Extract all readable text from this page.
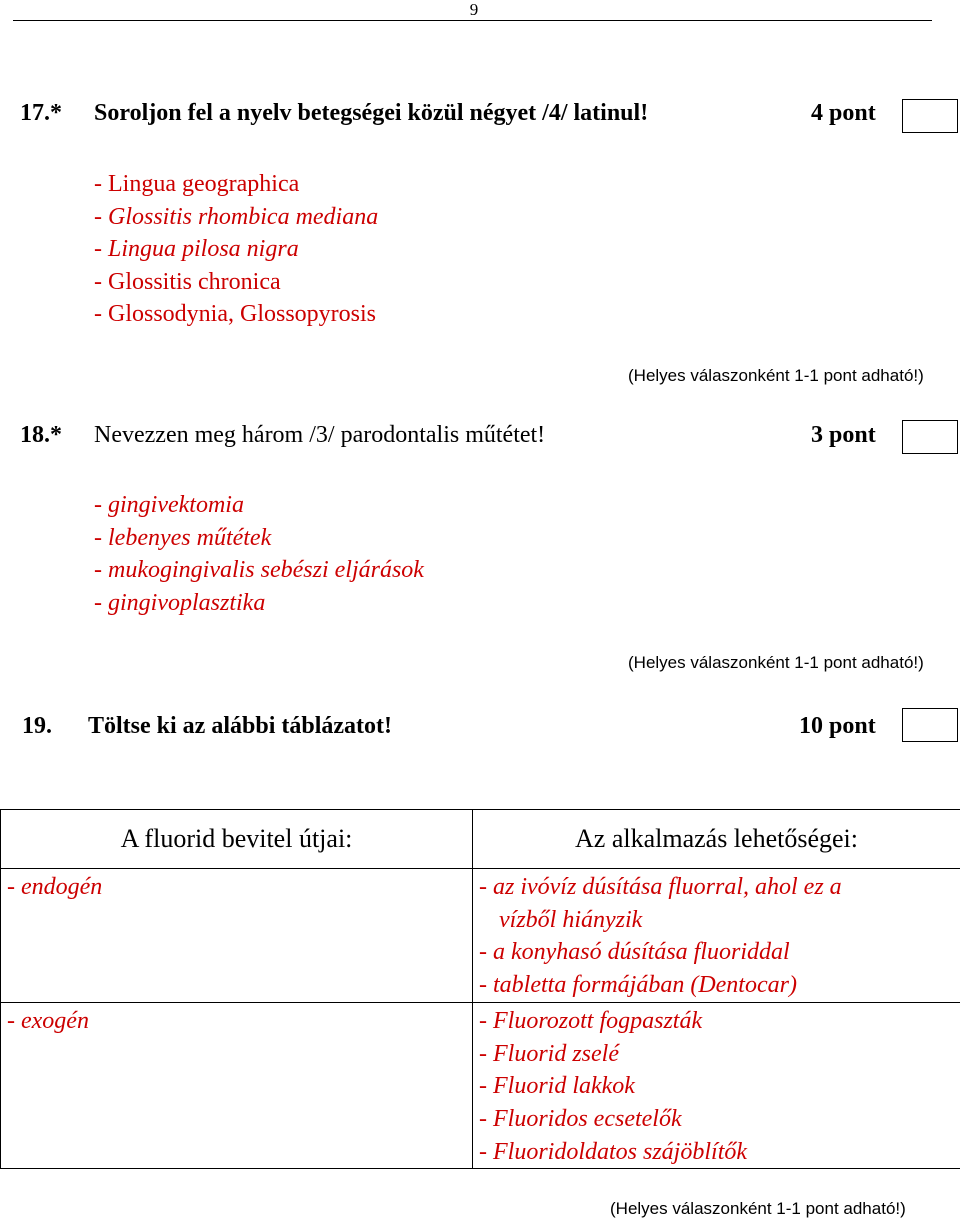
9
17.* Soroljon fel a nyelv betegségei közül négyet /4/ latinul!	4 pont
- Lingua geographica
- Glossitis rhombica mediana
- Lingua pilosa nigra
- Glossitis chronica
- Glossodynia, Glossopyrosis
(Helyes válaszonként 1-1 pont adható!)
18.* Nevezzen meg három /3/ parodontalis műtétet!	3 pont
- gingivektomia
- lebenyes műtétek
- mukogingivalis sebészi eljárások
- gingivoplasztika
(Helyes válaszonként 1-1 pont adható!)
19. Töltse ki az alábbi táblázatot!	10 pont
A fluorid bevitel útjai:	Az alkalmazás lehetőségei:

- endogén	- az ivóvíz dúsítása fluorral, ahol ez a
vízből hiányzik
- a konyhasó dúsítása fluoriddal
- tabletta formájában (Dentocar)

- exogén	- Fluorozott fogpaszták
- Fluorid zselé
- Fluorid lakkok
- Fluoridos ecsetelők
- Fluoridoldatos szájöblítők
(Helyes válaszonként 1-1 pont adható!)
